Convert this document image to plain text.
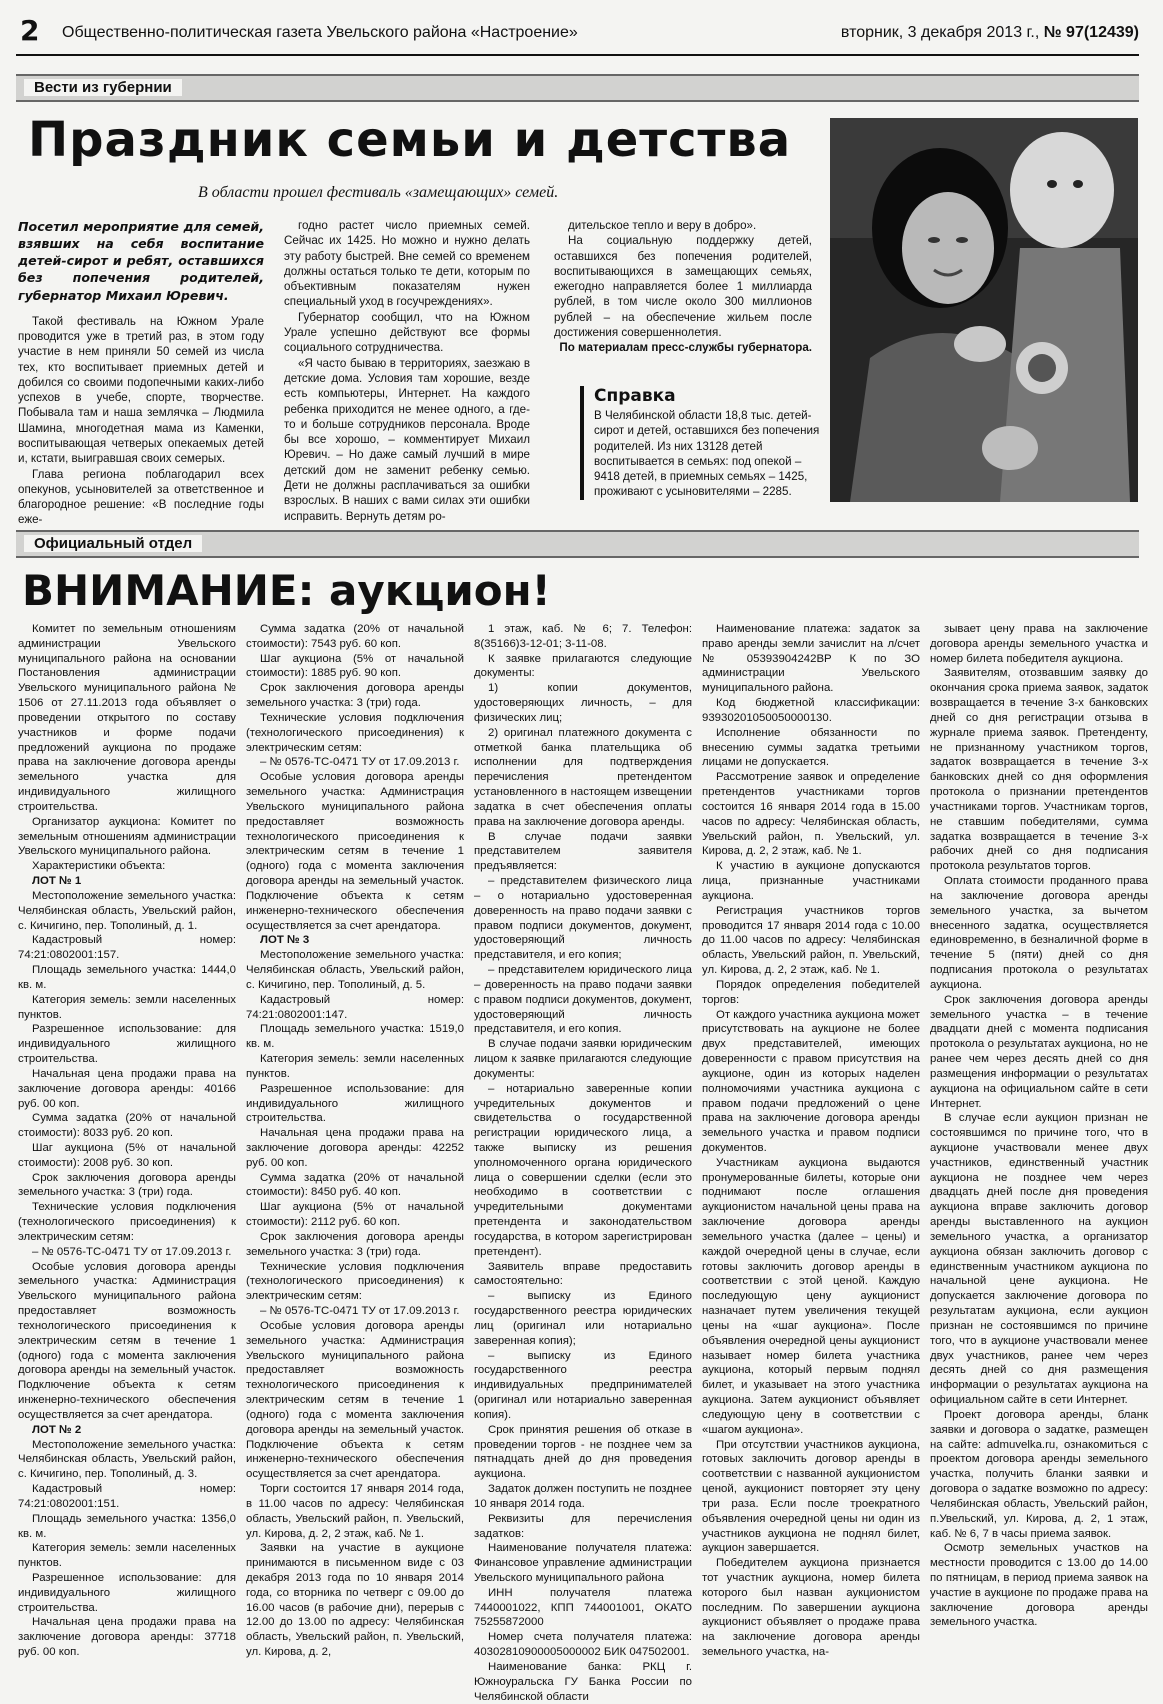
2 Общественно-политическая газета Увельского района «Настроение»	вторник, 3 декабря 2013 г., № 97(12439)
Вести из губернии
Праздник семьи и детства
В области прошел фестиваль «замещающих» семей.

Посетил мероприятие для семей, взявших на себя воспитание детей-сирот и ребят, оставшихся без попечения родителей, губернатор Михаил Юревич.

Такой фестиваль на Южном Урале проводится уже в третий раз, в этом году участие в нем приняли 50 семей из числа тех, кто воспитывает приемных детей и добился со своими подопечными каких-либо успехов в учебе, спорте, творчестве. Побывала там и наша землячка – Людмила Шамина, многодетная мама из Каменки, воспитывающая четверых опекаемых детей и, кстати, выигравшая своих семерых.

Глава региона поблагодарил всех опекунов, усыновителей за ответственное и благородное решение: «В последние годы еже-

годно растет число приемных семей. Сейчас их 1425. Но можно и нужно делать эту работу быстрей. Вне семей со временем должны остаться только те дети, которым по объективным показателям нужен специальный уход в госучреждениях».

Губернатор сообщил, что на Южном Урале успешно действуют все формы социального сотрудничества.

«Я часто бываю в территориях, заезжаю в детские дома. Условия там хорошие, везде есть компьютеры, Интернет. На каждого ребенка приходится не менее одного, а где-то и больше сотрудников персонала. Вроде бы все хорошо, – комментирует Михаил Юревич. – Но даже самый лучший в мире детский дом не заменит ребенку семью. Дети не должны расплачиваться за ошибки взрослых. В наших с вами силах эти ошибки исправить. Вернуть детям ро-

дительское тепло и веру в добро».

На социальную поддержку детей, оставшихся без попечения родителей, воспитывающихся в замещающих семьях, ежегодно направляется более 1 миллиарда рублей, в том числе около 300 миллионов рублей – на обеспечение жильем после достижения совершеннолетия.

По материалам пресс-службы губернатора.

Справка
В Челябинской области 18,8 тыс. детей-сирот и детей, оставшихся без попечения родителей. Из них 13128 детей воспитывается в семьях: под опекой – 9418 детей, в приемных семьях – 1425, проживают с усыновителями – 2285.
Официальный отдел
ВНИМАНИЕ: аукцион!

Комитет по земельным отношениям администрации Увельского муниципального района на основании Постановления администрации Увельского муниципального района № 1506 от 27.11.2013 года объявляет о проведении открытого по составу участников и форме подачи предложений аукциона по продаже права на заключение договора аренды земельного участка для индивидуального жилищного строительства.

Организатор аукциона: Комитет по земельным отношениям администрации Увельского муниципального района.

Характеристики объекта:

ЛОТ № 1

Местоположение земельного участка: Челябинская область, Увельский район, с. Кичигино, пер. Тополиный, д. 1.

Кадастровый номер: 74:21:0802001:157.

Площадь земельного участка: 1444,0 кв. м.

Категория земель: земли населенных пунктов.

Разрешенное использование: для индивидуального жилищного строительства.

Начальная цена продажи права на заключение договора аренды: 40166 руб. 00 коп.

Сумма задатка (20% от начальной стоимости): 8033 руб. 20 коп.

Шаг аукциона (5% от начальной стоимости): 2008 руб. 30 коп.

Срок заключения договора аренды земельного участка: 3 (три) года.

Технические условия подключения (технологического присоединения) к электрическим сетям:

– № 0576-ТС-0471 ТУ от 17.09.2013 г.

Особые условия договора аренды земельного участка: Администрация Увельского муниципального района предоставляет возможность технологического присоединения к электрическим сетям в течение 1 (одного) года с момента заключения договора аренды на земельный участок. Подключение объекта к сетям инженерно-технического обеспечения осуществляется за счет арендатора.

ЛОТ № 2

Местоположение земельного участка: Челябинская область, Увельский район, с. Кичигино, пер. Тополиный, д. 3.

Кадастровый номер: 74:21:0802001:151.

Площадь земельного участка: 1356,0 кв. м.

Категория земель: земли населенных пунктов.

Разрешенное использование: для индивидуального жилищного строительства.

Начальная цена продажи права на заключение договора аренды: 37718 руб. 00 коп.

Сумма задатка (20% от начальной стоимости): 7543 руб. 60 коп.

Шаг аукциона (5% от начальной стоимости): 1885 руб. 90 коп.

Срок заключения договора аренды земельного участка: 3 (три) года.

Технические условия подключения (технологического присоединения) к электрическим сетям:

– № 0576-ТС-0471 ТУ от 17.09.2013 г.

Особые условия договора аренды земельного участка: Администрация Увельского муниципального района предоставляет возможность технологического присоединения к электрическим сетям в течение 1 (одного) года с момента заключения договора аренды на земельный участок. Подключение объекта к сетям инженерно-технического обеспечения осуществляется за счет арендатора.

ЛОТ № 3

Местоположение земельного участка: Челябинская область, Увельский район, с. Кичигино, пер. Тополиный, д. 5.

Кадастровый номер: 74:21:0802001:147.

Площадь земельного участка: 1519,0 кв. м.

Категория земель: земли населенных пунктов.

Разрешенное использование: для индивидуального жилищного строительства.

Начальная цена продажи права на заключение договора аренды: 42252 руб. 00 коп.

Сумма задатка (20% от начальной стоимости): 8450 руб. 40 коп.

Шаг аукциона (5% от начальной стоимости): 2112 руб. 60 коп.

Срок заключения договора аренды земельного участка: 3 (три) года.

Технические условия подключения (технологического присоединения) к электрическим сетям:

– № 0576-ТС-0471 ТУ от 17.09.2013 г.

Особые условия договора аренды земельного участка: Администрация Увельского муниципального района предоставляет возможность технологического присоединения к электрическим сетям в течение 1 (одного) года с момента заключения договора аренды на земельный участок. Подключение объекта к сетям инженерно-технического обеспечения осуществляется за счет арендатора.

Торги состоится 17 января 2014 года, в 11.00 часов по адресу: Челябинская область, Увельский район, п. Увельский, ул. Кирова, д. 2, 2 этаж, каб. № 1.

Заявки на участие в аукционе принимаются в письменном виде с 03 декабря 2013 года по 10 января 2014 года, со вторника по четверг с 09.00 до 16.00 часов (в рабочие дни), перерыв с 12.00 до 13.00 по адресу: Челябинская область, Увельский район, п. Увельский, ул. Кирова, д. 2,

1 этаж, каб. № 6; 7. Телефон: 8(35166)3-12-01; 3-11-08.

К заявке прилагаются следующие документы:

1) копии документов, удостоверяющих личность, – для физических лиц;

2) оригинал платежного документа с отметкой банка плательщика об исполнении для подтверждения перечисления претендентом установленного в настоящем извещении задатка в счет обеспечения оплаты права на заключение договора аренды.

В случае подачи заявки представителем заявителя предъявляется:

– представителем физического лица – о нотариально удостоверенная доверенность на право подачи заявки с правом подписи документов, документ, удостоверяющий личность представителя, и его копия;

– представителем юридического лица – доверенность на право подачи заявки с правом подписи документов, документ, удостоверяющий личность представителя, и его копия.

В случае подачи заявки юридическим лицом к заявке прилагаются следующие документы:

– нотариально заверенные копии учредительных документов и свидетельства о государственной регистрации юридического лица, а также выписку из решения уполномоченного органа юридического лица о совершении сделки (если это необходимо в соответствии с учредительными документами претендента и законодательством государства, в котором зарегистрирован претендент).

Заявитель вправе предоставить самостоятельно:

– выписку из Единого государственного реестра юридических лиц (оригинал или нотариально заверенная копия);

– выписку из Единого государственного реестра индивидуальных предпринимателей (оригинал или нотариально заверенная копия).

Срок принятия решения об отказе в проведении торгов - не позднее чем за пятнадцать дней до дня проведения аукциона.

Задаток должен поступить не позднее 10 января 2014 года.

Реквизиты для перечисления задатков:

Наименование получателя платежа: Финансовое управление администрации Увельского муниципального района

ИНН получателя платежа 7440001022, КПП 744001001, ОКАТО 75255872000

Номер счета получателя платежа: 40302810900005000002 БИК 047502001.

Наименование банка: РКЦ г. Южноуральска ГУ Банка России по Челябинской области

Наименование платежа: задаток за право аренды земли зачислит на л/счет № 05393904242ВР К по ЗО администрации Увельского муниципального района.

Код бюджетной классификации: 93930201050050000130.

Исполнение обязанности по внесению суммы задатка третьими лицами не допускается.

Рассмотрение заявок и определение претендентов участниками торгов состоится 16 января 2014 года в 15.00 часов по адресу: Челябинская область, Увельский район, п. Увельский, ул. Кирова, д. 2, 2 этаж, каб. № 1.

К участию в аукционе допускаются лица, признанные участниками аукциона.

Регистрация участников торгов проводится 17 января 2014 года с 10.00 до 11.00 часов по адресу: Челябинская область, Увельский район, п. Увельский, ул. Кирова, д. 2, 2 этаж, каб. № 1.

Порядок определения победителей торгов:

От каждого участника аукциона может присутствовать на аукционе не более двух представителей, имеющих доверенности с правом присутствия на аукционе, один из которых наделен полномочиями участника аукциона с правом подачи предложений о цене права на заключение договора аренды земельного участка и правом подписи документов.

Участникам аукциона выдаются пронумерованные билеты, которые они поднимают после оглашения аукционистом начальной цены права на заключение договора аренды земельного участка (далее – цены) и каждой очередной цены в случае, если готовы заключить договор аренды в соответствии с этой ценой. Каждую последующую цену аукционист назначает путем увеличения текущей цены на «шаг аукциона». После объявления очередной цены аукционист называет номер билета участника аукциона, который первым поднял билет, и указывает на этого участника аукциона. Затем аукционист объявляет следующую цену в соответствии с «шагом аукциона».

При отсутствии участников аукциона, готовых заключить договор аренды в соответствии с названной аукционистом ценой, аукционист повторяет эту цену три раза. Если после троекратного объявления очередной цены ни один из участников аукциона не поднял билет, аукцион завершается.

Победителем аукциона признается тот участник аукциона, номер билета которого был назван аукционистом последним. По завершении аукциона аукционист объявляет о продаже права на заключение договора аренды земельного участка, на-

зывает цену права на заключение договора аренды земельного участка и номер билета победителя аукциона.

Заявителям, отозвавшим заявку до окончания срока приема заявок, задаток возвращается в течение 3-х банковских дней со дня регистрации отзыва в журнале приема заявок. Претенденту, не признанному участником торгов, задаток возвращается в течение 3-х банковских дней со дня оформления протокола о признании претендентов участниками торгов. Участникам торгов, не ставшим победителями, сумма задатка возвращается в течение 3-х рабочих дней со дня подписания протокола результатов торгов.

Оплата стоимости проданного права на заключение договора аренды земельного участка, за вычетом внесенного задатка, осуществляется единовременно, в безналичной форме в течение 5 (пяти) дней со дня подписания протокола о результатах аукциона.

Срок заключения договора аренды земельного участка – в течение двадцати дней с момента подписания протокола о результатах аукциона, но не ранее чем через десять дней со дня размещения информации о результатах аукциона на официальном сайте в сети Интернет.

В случае если аукцион признан не состоявшимся по причине того, что в аукционе участвовали менее двух участников, единственный участник аукциона не позднее чем через двадцать дней после дня проведения аукциона вправе заключить договор аренды выставленного на аукцион земельного участка, а организатор аукциона обязан заключить договор с единственным участником аукциона по начальной цене аукциона. Не допускается заключение договора по результатам аукциона, если аукцион признан не состоявшимся по причине того, что в аукционе участвовали менее двух участников, ранее чем через десять дней со дня размещения информации о результатах аукциона на официальном сайте в сети Интернет.

Проект договора аренды, бланк заявки и договора о задатке, размещен на сайте: admuvelka.ru, ознакомиться с проектом договора аренды земельного участка, получить бланки заявки и договора о задатке возможно по адресу: Челябинская область, Увельский район, п.Увельский, ул. Кирова, д. 2, 1 этаж, каб. № 6, 7 в часы приема заявок.

Осмотр земельных участков на местности проводится с 13.00 до 14.00 по пятницам, в период приема заявок на участие в аукционе по продаже права на заключение договора аренды земельного участка.
